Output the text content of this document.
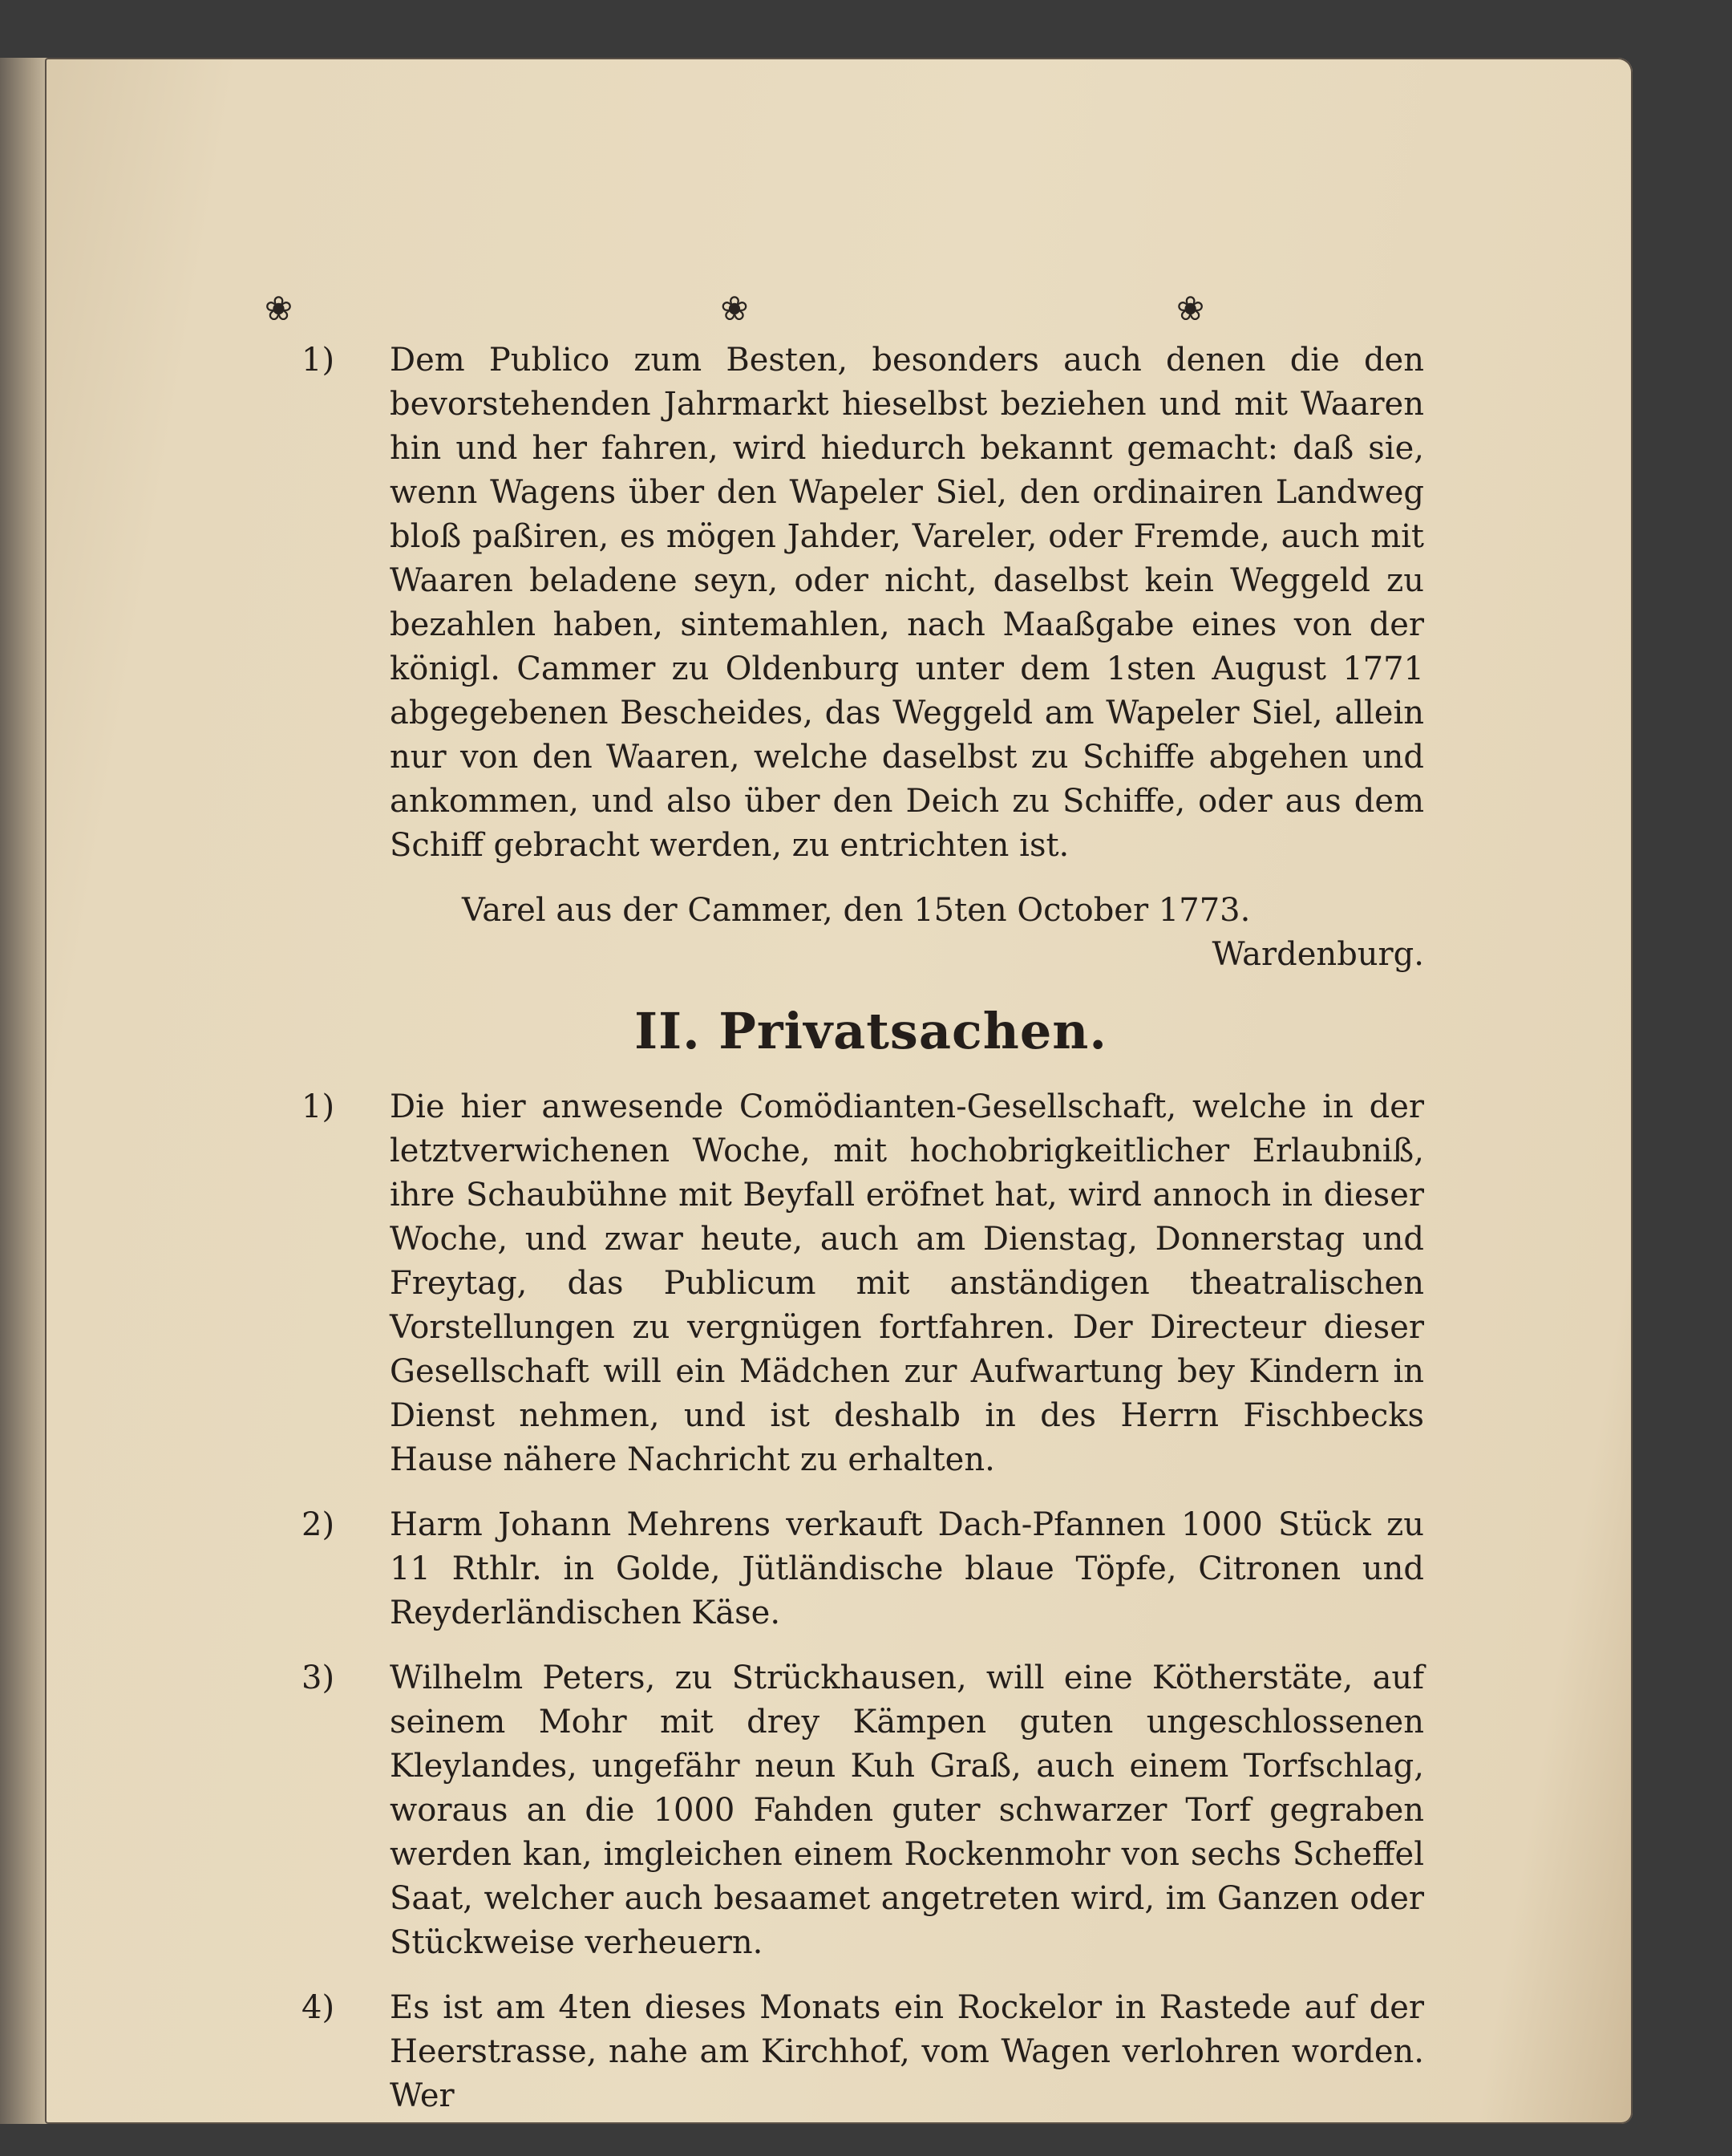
❀ ❀ ❀
1)	Dem Publico zum Besten, besonders auch denen die den bevorstehenden Jahrmarkt hieselbst beziehen und mit Waaren hin und her fahren, wird hiedurch bekannt gemacht: daß sie, wenn Wagens über den Wapeler Siel, den ordinairen Landweg bloß paßiren, es mögen Jahder, Vareler, oder Fremde, auch mit Waaren beladene seyn, oder nicht, daselbst kein Weggeld zu bezahlen haben, sintemahlen, nach Maaßgabe eines von der königl. Cammer zu Oldenburg unter dem 1sten August 1771 abgegebenen Bescheides, das Weggeld am Wapeler Siel, allein nur von den Waaren, welche daselbst zu Schiffe abgehen und ankommen, und also über den Deich zu Schiffe, oder aus dem Schiff gebracht werden, zu entrichten ist.
Varel aus der Cammer, den 15ten October 1773.
Wardenburg.
II. Privatsachen.
1)	Die hier anwesende Comödianten-Gesellschaft, welche in der letztverwichenen Woche, mit hochobrigkeitlicher Erlaubniß, ihre Schaubühne mit Beyfall eröfnet hat, wird annoch in dieser Woche, und zwar heute, auch am Dienstag, Donnerstag und Freytag, das Publicum mit anständigen theatralischen Vorstellungen zu vergnügen fortfahren. Der Directeur dieser Gesellschaft will ein Mädchen zur Aufwartung bey Kindern in Dienst nehmen, und ist deshalb in des Herrn Fischbecks Hause nähere Nachricht zu erhalten.
2)	Harm Johann Mehrens verkauft Dach-Pfannen 1000 Stück zu 11 Rthlr. in Golde, Jütländische blaue Töpfe, Citronen und Reyderländischen Käse.
3)	Wilhelm Peters, zu Strückhausen, will eine Kötherstäte, auf seinem Mohr mit drey Kämpen guten ungeschlossenen Kleylandes, ungefähr neun Kuh Graß, auch einem Torfschlag, woraus an die 1000 Fahden guter schwarzer Torf gegraben werden kan, imgleichen einem Rockenmohr von sechs Scheffel Saat, welcher auch besaamet angetreten wird, im Ganzen oder Stückweise verheuern.
4)	Es ist am 4ten dieses Monats ein Rockelor in Rastede auf der Heerstrasse, nahe am Kirchhof, vom Wagen verlohren worden. Wer
